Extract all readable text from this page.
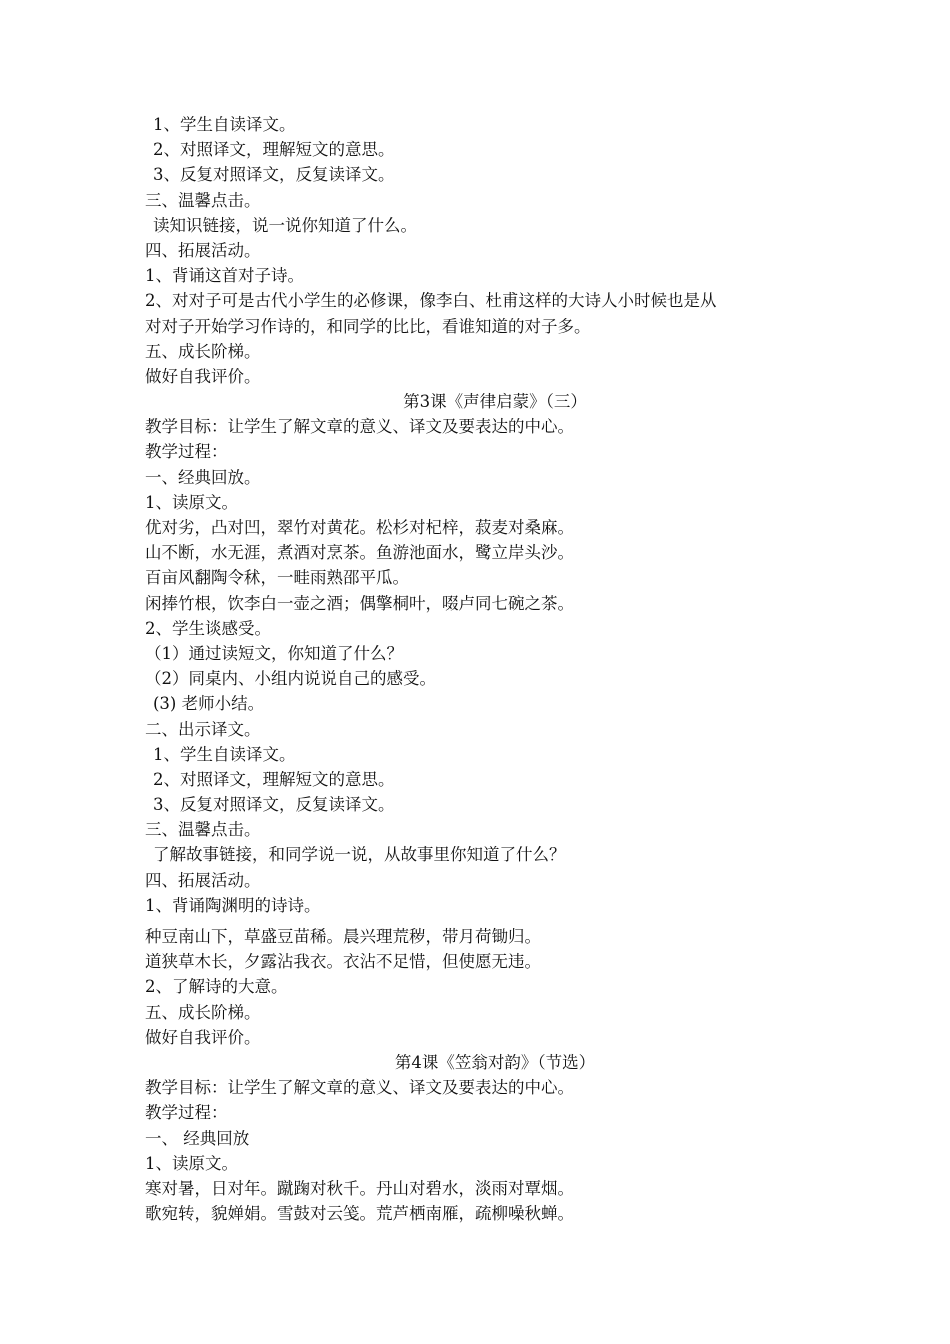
1、学生自读译文。
2、对照译文，理解短文的意思。
3、反复对照译文，反复读译文。
三、温馨点击。
读知识链接，说一说你知道了什么。
四、拓展活动。
1、背诵这首对子诗。
2、对对子可是古代小学生的必修课，像李白、杜甫这样的大诗人小时候也是从
对对子开始学习作诗的，和同学的比比，看谁知道的对子多。
五、成长阶梯。
做好自我评价。
第3课《声律启蒙》（三）
教学目标：让学生了解文章的意义、译文及要表达的中心。
教学过程：
一、经典回放。
1、读原文。
优对劣，凸对凹，翠竹对黄花。松杉对杞梓，菽麦对桑麻。
山不断，水无涯，煮酒对烹茶。鱼游池面水，鹭立岸头沙。
百亩风翻陶令秫，一畦雨熟邵平瓜。
闲捧竹根，饮李白一壶之酒；偶擎桐叶，啜卢同七碗之茶。
2、学生谈感受。
（1）通过读短文，你知道了什么？
（2）同桌内、小组内说说自己的感受。
(3) 老师小结。
二、出示译文。
1、学生自读译文。
2、对照译文，理解短文的意思。
3、反复对照译文，反复读译文。
三、温馨点击。
了解故事链接，和同学说一说，从故事里你知道了什么？
四、拓展活动。
1、背诵陶渊明的诗诗。
种豆南山下，草盛豆苗稀。晨兴理荒秽，带月荷锄归。
道狭草木长，夕露沾我衣。衣沾不足惜，但使愿无违。
2、了解诗的大意。
五、成长阶梯。
做好自我评价。
第4课《笠翁对韵》（节选）
教学目标：让学生了解文章的意义、译文及要表达的中心。
教学过程：
一、 经典回放
1、读原文。
寒对暑，日对年。蹴踘对秋千。丹山对碧水，淡雨对覃烟。
歌宛转，貌婵娟。雪鼓对云笺。荒芦栖南雁，疏柳噪秋蝉。
